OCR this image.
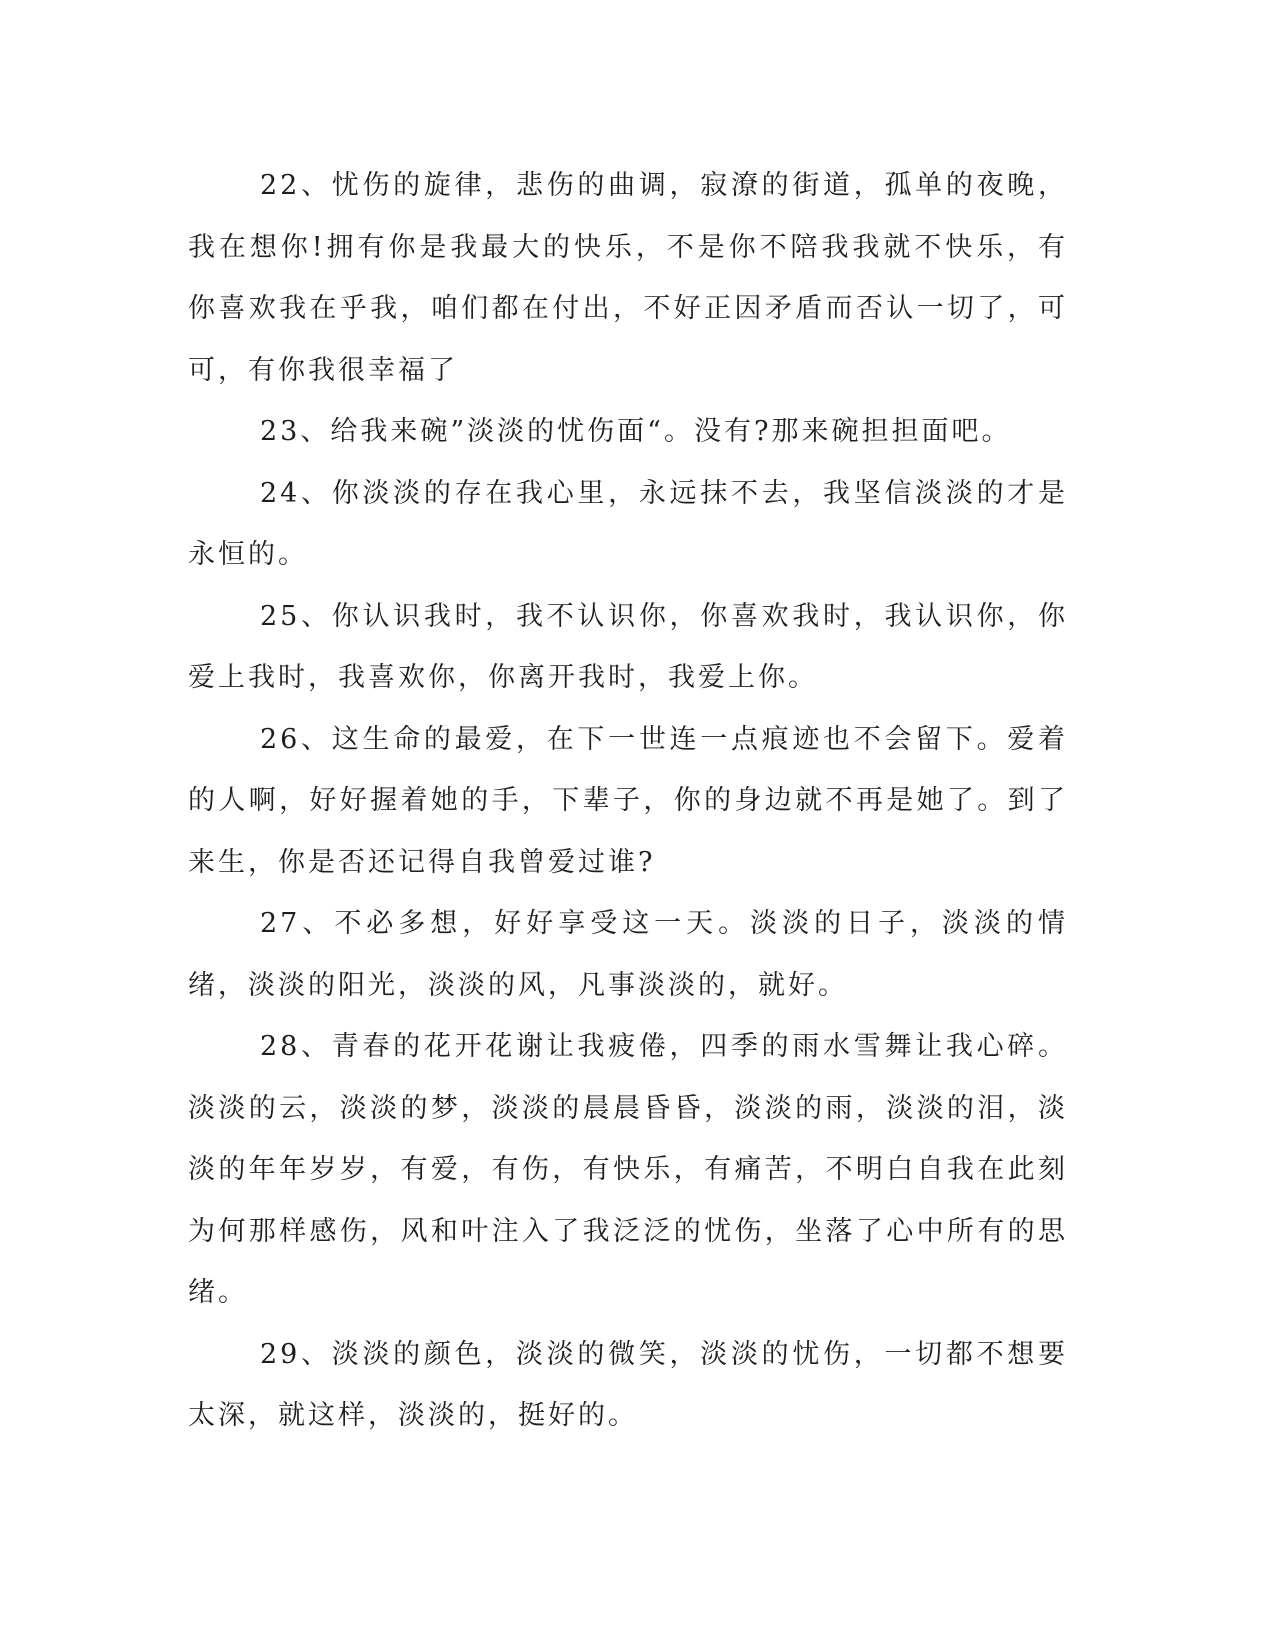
22、忧伤的旋律，悲伤的曲调，寂潦的街道，孤单的夜晚，我在想你!拥有你是我最大的快乐，不是你不陪我我就不快乐，有你喜欢我在乎我，咱们都在付出，不好正因矛盾而否认一切了，可可，有你我很幸福了

23、给我来碗”淡淡的忧伤面“。没有?那来碗担担面吧。

24、你淡淡的存在我心里，永远抹不去，我坚信淡淡的才是永恒的。

25、你认识我时，我不认识你，你喜欢我时，我认识你，你爱上我时，我喜欢你，你离开我时，我爱上你。

26、这生命的最爱，在下一世连一点痕迹也不会留下。爱着的人啊，好好握着她的手，下辈子，你的身边就不再是她了。到了来生，你是否还记得自我曾爱过谁?

27、不必多想，好好享受这一天。淡淡的日子，淡淡的情绪，淡淡的阳光，淡淡的风，凡事淡淡的，就好。

28、青春的花开花谢让我疲倦，四季的雨水雪舞让我心碎。淡淡的云，淡淡的梦，淡淡的晨晨昏昏，淡淡的雨，淡淡的泪，淡淡的年年岁岁，有爱，有伤，有快乐，有痛苦，不明白自我在此刻为何那样感伤，风和叶注入了我泛泛的忧伤，坐落了心中所有的思绪。

29、淡淡的颜色，淡淡的微笑，淡淡的忧伤，一切都不想要太深，就这样，淡淡的，挺好的。
